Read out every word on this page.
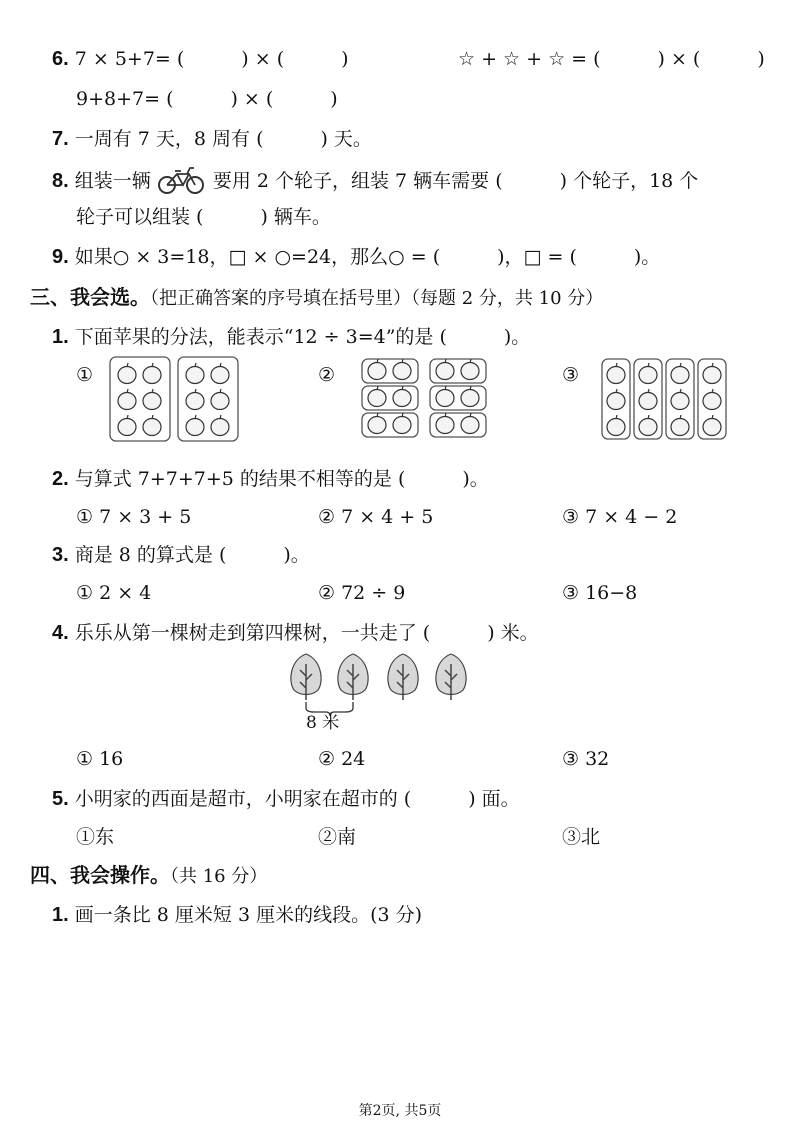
6. 7 × 5+7= (　　　) × (　　　)	☆ + ☆ + ☆ = (　　　) × (　　　)
9+8+7= (　　　) × (　　　)
7. 一周有 7 天，8 周有 (　　　) 天。
8. 组装一辆	要用 2 个轮子，组装 7 辆车需要 (　　　) 个轮子，18 个
轮子可以组装 (　　　) 辆车。
9. 如果○ × 3=18，□ × ○=24，那么○ = (　　　)，□ = (　　　)。
三、我会选。（把正确答案的序号填在括号里）（每题 2 分，共 10 分）
1. 下面苹果的分法，能表示“12 ÷ 3=4”的是 (　　　)。
①	②	③
2. 与算式 7+7+7+5 的结果不相等的是 (　　　)。
① 7 × 3 + 5	② 7 × 4 + 5	③ 7 × 4 − 2
3. 商是 8 的算式是 (　　　)。
① 2 × 4	② 72 ÷ 9	③ 16−8
4. 乐乐从第一棵树走到第四棵树，一共走了 (　　　) 米。
8 米
① 16	② 24	③ 32
5. 小明家的西面是超市，小明家在超市的 (　　　) 面。
①东	②南	③北
四、我会操作。（共 16 分）
1. 画一条比 8 厘米短 3 厘米的线段。(3 分)
第2页, 共5页
